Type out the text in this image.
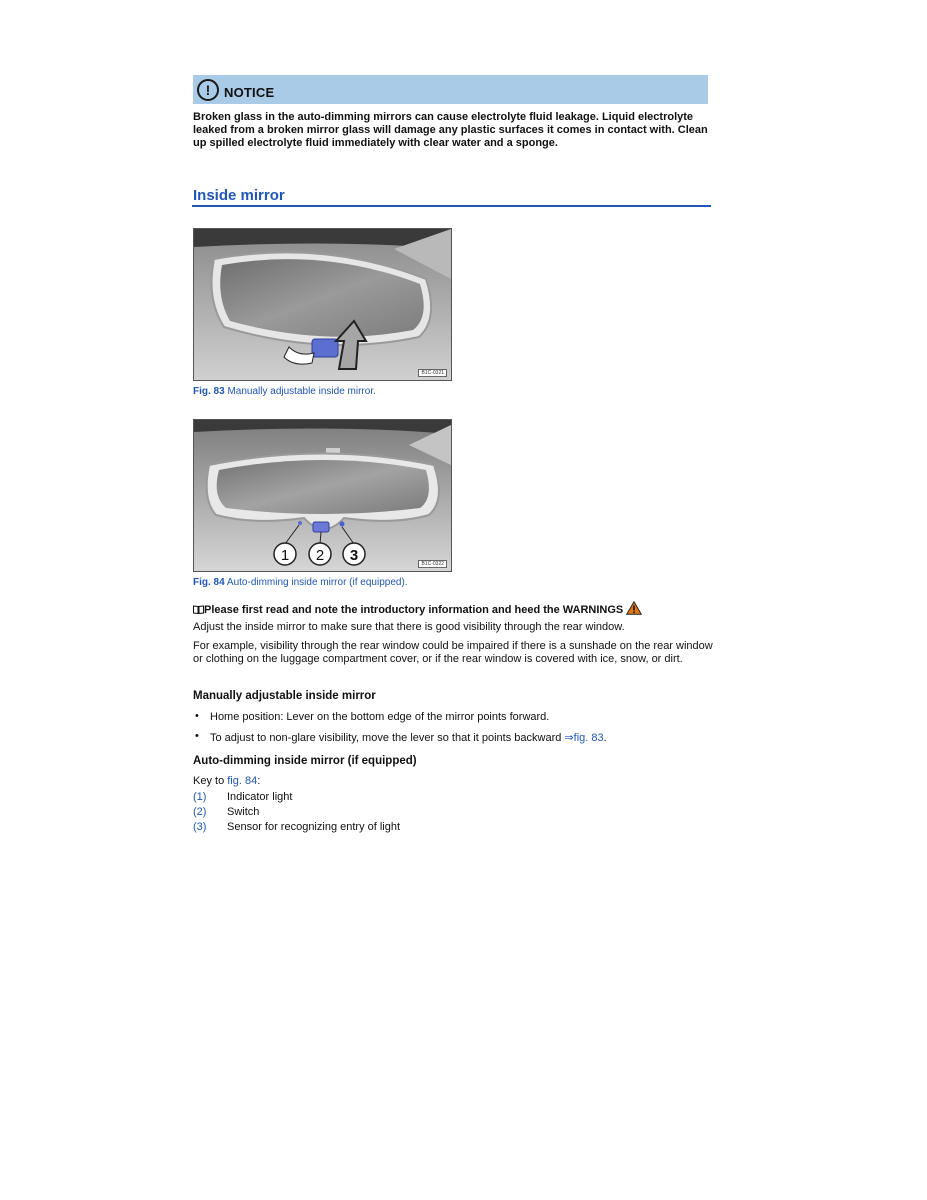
!	NOTICE
Broken glass in the auto-dimming mirrors can cause electrolyte fluid leakage. Liquid electrolyte leaked from a broken mirror glass will damage any plastic surfaces it comes in contact with. Clean up spilled electrolyte fluid immediately with clear water and a sponge.
Inside mirror
B1C-0321
Fig. 83 Manually adjustable inside mirror.
1 2 3	B1C-0322
Fig. 84 Auto-dimming inside mirror (if equipped).
Please first read and note the introductory information and heed the WARNINGS
Adjust the inside mirror to make sure that there is good visibility through the rear window.
For example, visibility through the rear window could be impaired if there is a sunshade on the rear window or clothing on the luggage compartment cover, or if the rear window is covered with ice, snow, or dirt.
Manually adjustable inside mirror
• Home position: Lever on the bottom edge of the mirror points forward.
• To adjust to non-glare visibility, move the lever so that it points backward ⇒fig. 83.
Auto-dimming inside mirror (if equipped)
Key to fig. 84:
(1) Indicator light
(2) Switch
(3) Sensor for recognizing entry of light
